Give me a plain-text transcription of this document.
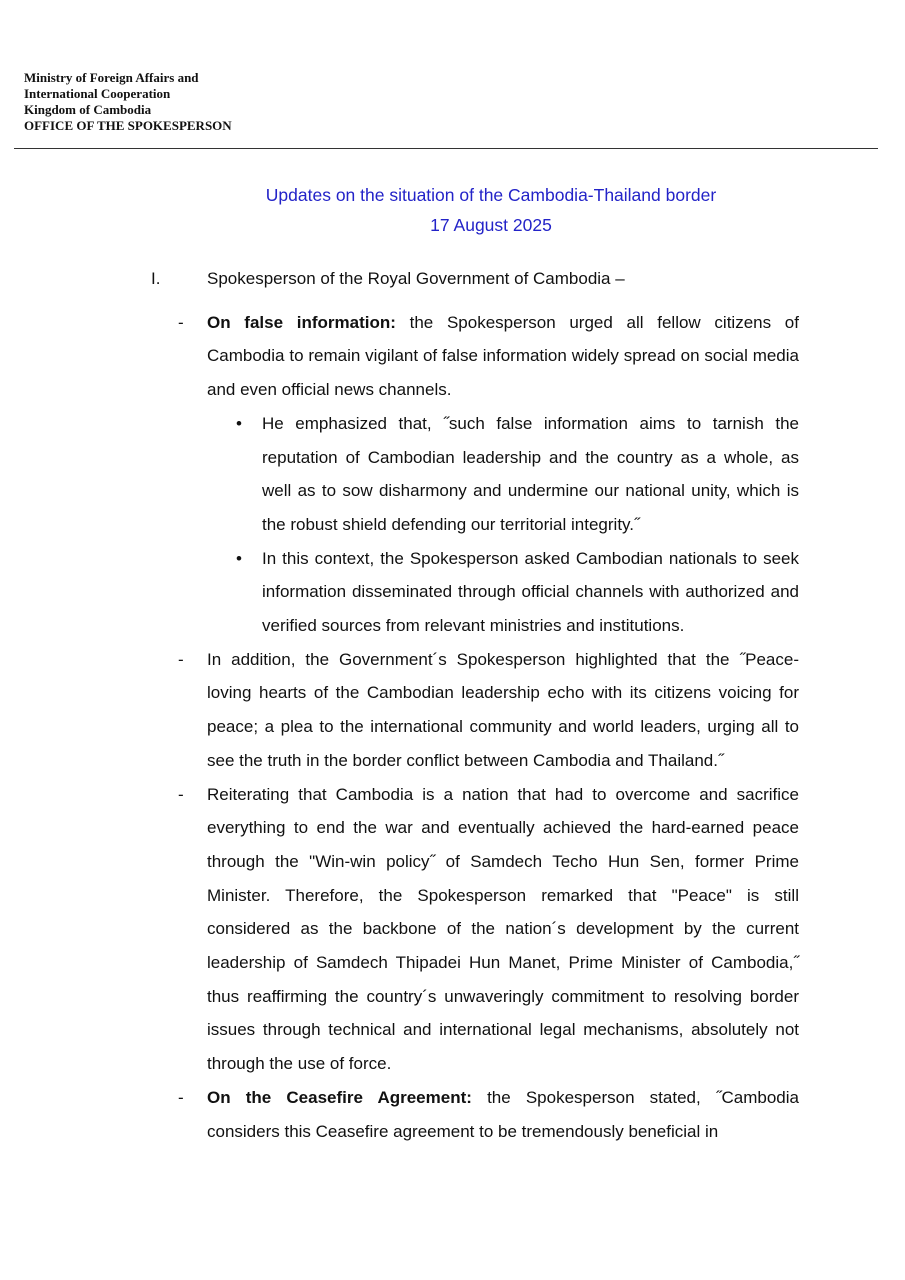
Ministry of Foreign Affairs and
International Cooperation
Kingdom of Cambodia
OFFICE OF THE SPOKESPERSON
Updates on the situation of the Cambodia-Thailand border
17 August 2025
I.	Spokesperson of the Royal Government of Cambodia –
- On false information: the Spokesperson urged all fellow citizens of Cambodia to remain vigilant of false information widely spread on social media and even official news channels.
• He emphasized that, ˝such false information aims to tarnish the reputation of Cambodian leadership and the country as a whole, as well as to sow disharmony and undermine our national unity, which is the robust shield defending our territorial integrity.˝
• In this context, the Spokesperson asked Cambodian nationals to seek information disseminated through official channels with authorized and verified sources from relevant ministries and institutions.
- In addition, the Government´s Spokesperson highlighted that the ˝Peace-loving hearts of the Cambodian leadership echo with its citizens voicing for peace; a plea to the international community and world leaders, urging all to see the truth in the border conflict between Cambodia and Thailand.˝
- Reiterating that Cambodia is a nation that had to overcome and sacrifice everything to end the war and eventually achieved the hard-earned peace through the "Win-win policy˝ of Samdech Techo Hun Sen, former Prime Minister. Therefore, the Spokesperson remarked that "Peace" is still considered as the backbone of the nation´s development by the current leadership of Samdech Thipadei Hun Manet, Prime Minister of Cambodia,˝ thus reaffirming the country´s unwaveringly commitment to resolving border issues through technical and international legal mechanisms, absolutely not through the use of force.
- On the Ceasefire Agreement: the Spokesperson stated, ˝Cambodia considers this Ceasefire agreement to be tremendously beneficial in
